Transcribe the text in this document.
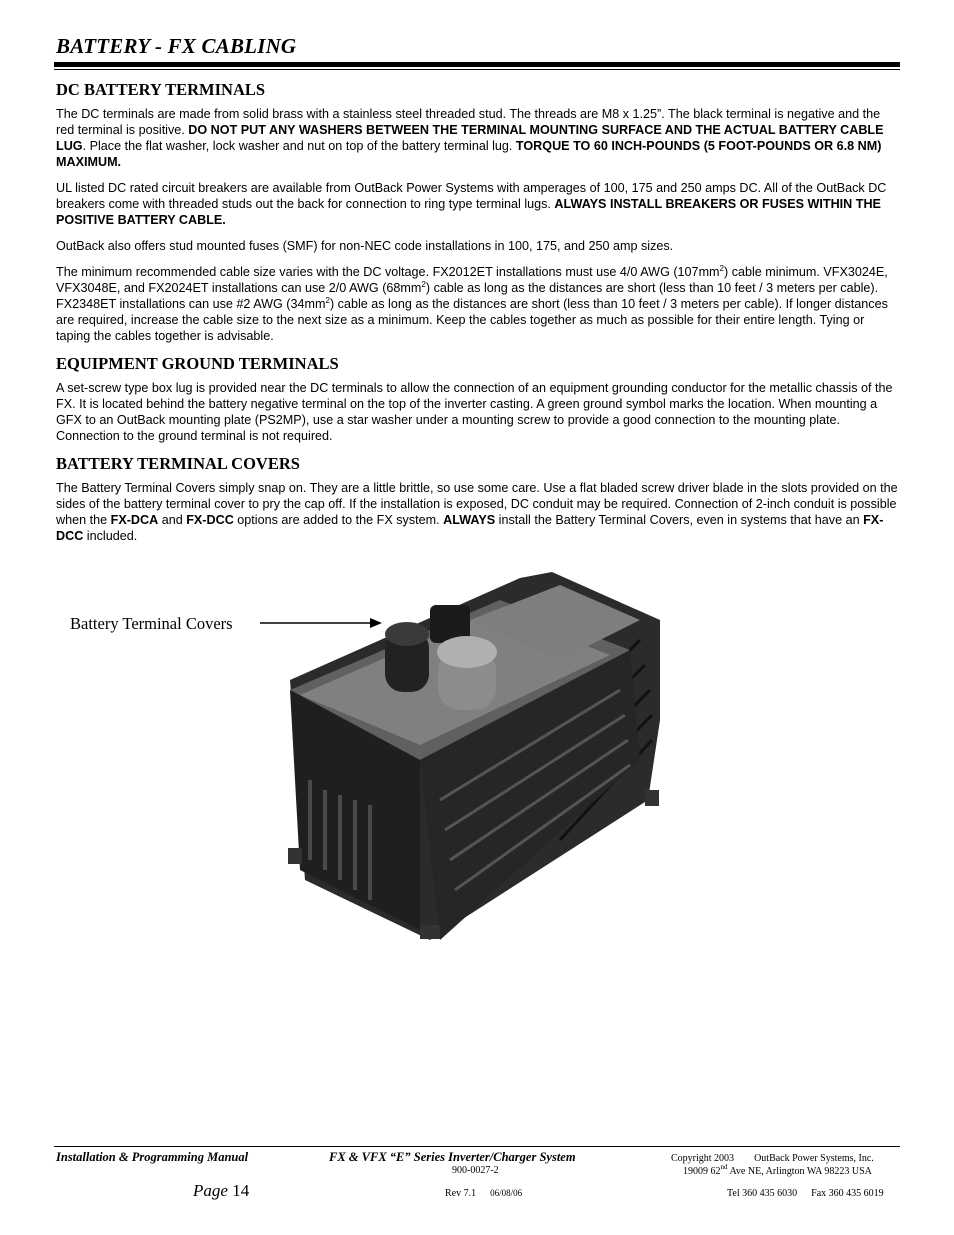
BATTERY - FX CABLING
DC BATTERY TERMINALS

The DC terminals are made from solid brass with a stainless steel threaded stud. The threads are M8 x 1.25”. The black terminal is negative and the red terminal is positive. DO NOT PUT ANY WASHERS BETWEEN THE TERMINAL MOUNTING SURFACE AND THE ACTUAL BATTERY CABLE LUG. Place the flat washer, lock washer and nut on top of the battery terminal lug. TORQUE TO 60 INCH-POUNDS (5 FOOT-POUNDS OR 6.8 NM) MAXIMUM.

UL listed DC rated circuit breakers are available from OutBack Power Systems with amperages of 100, 175 and 250 amps DC. All of the OutBack DC breakers come with threaded studs out the back for connection to ring type terminal lugs. ALWAYS INSTALL BREAKERS OR FUSES WITHIN THE POSITIVE BATTERY CABLE.

OutBack also offers stud mounted fuses (SMF) for non-NEC code installations in 100, 175, and 250 amp sizes.

The minimum recommended cable size varies with the DC voltage. FX2012ET installations must use 4/0 AWG $(107mm^2)$ cable minimum. VFX3024E, VFX3048E, and FX2024ET installations can use 2/0 AWG $(68mm^2)$ cable as long as the distances are short (less than 10 feet / 3 meters per cable). FX2348ET installations can use #2 AWG $(34mm^2)$ cable as long as the distances are short (less than 10 feet / 3 meters per cable). If longer distances are required, increase the cable size to the next size as a minimum. Keep the cables together as much as possible for their entire length. Tying or taping the cables together is advisable.

EQUIPMENT GROUND TERMINALS

A set-screw type box lug is provided near the DC terminals to allow the connection of an equipment grounding conductor for the metallic chassis of the FX. It is located behind the battery negative terminal on the top of the inverter casting. A green ground symbol marks the location. When mounting a GFX to an OutBack mounting plate (PS2MP), use a star washer under a mounting screw to provide a good connection to the mounting plate. Connection to the ground terminal is not required.

BATTERY TERMINAL COVERS

The Battery Terminal Covers simply snap on. They are a little brittle, so use some care. Use a flat bladed screw driver blade in the slots provided on the sides of the battery terminal cover to pry the cap off. If the installation is exposed, DC conduit may be required. Connection of 2-inch conduit is possible when the FX-DCA and FX-DCC options are added to the FX system. ALWAYS install the Battery Terminal Covers, even in systems that have an FX-DCC included.

Battery Terminal Covers
Installation & Programming Manual	FX & VFX “E” Series Inverter/Charger System
900-0027-2
Copyright 2003 OutBack Power Systems, Inc.
19009 62nd Ave NE, Arlington WA 98223 USA
Page 14	Rev 7.1 06/08/06	Tel 360 435 6030 Fax 360 435 6019
